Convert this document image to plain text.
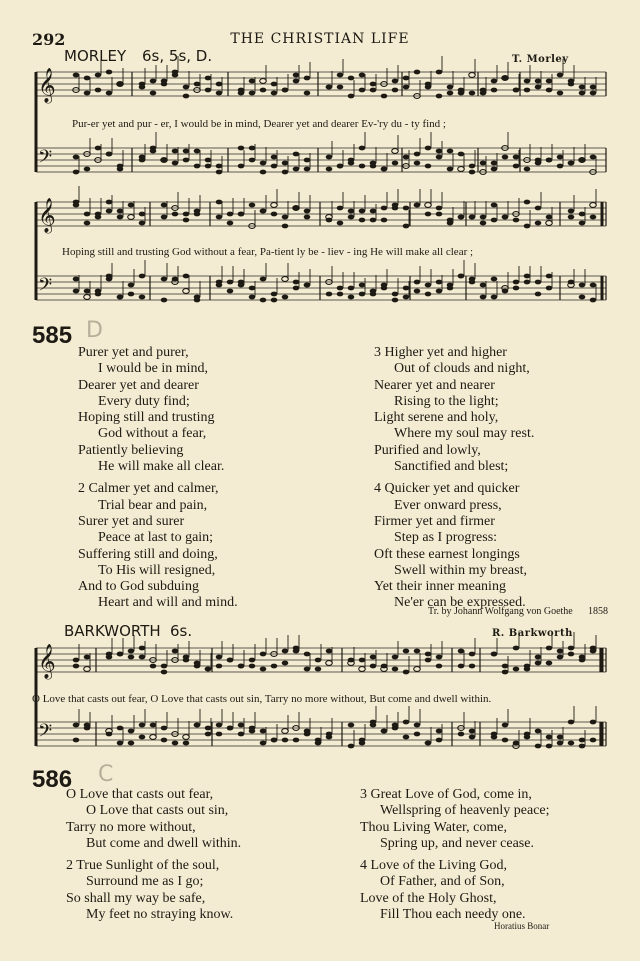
292	THE CHRISTIAN LIFE
MORLEY 6s, 5s, D.	T. Morley
𝄞
𝄢
𝄞
𝄢
𝄞
𝄢
Pur-er yet and pur - er, I would be in mind, Dearer yet and dearer Ev-'ry du - ty find ;
Hoping still and trusting God without a fear, Pa-tient ly be - liev - ing He will make all clear ;
585 D
Purer yet and purer,
I would be in mind,
Dearer yet and dearer
Every duty find;
Hoping still and trusting
God without a fear,
Patiently believing
He will make all clear.
2 Calmer yet and calmer,
Trial bear and pain,
Surer yet and surer
Peace at last to gain;
Suffering still and doing,
To His will resigned,
And to God subduing
Heart and will and mind.
3 Higher yet and higher
Out of clouds and night,
Nearer yet and nearer
Rising to the light;
Light serene and holy,
Where my soul may rest.
Purified and lowly,
Sanctified and blest;
4 Quicker yet and quicker
Ever onward press,
Firmer yet and firmer
Step as I progress:
Oft these earnest longings
Swell within my breast,
Yet their inner meaning
Ne'er can be expressed.
Tr. by Johann Wolfgang von Goethe 1858
BARKWORTH 6s.	R. Barkworth
O Love that casts out fear, O Love that casts out sin, Tarry no more without, But come and dwell within.
586 C
O Love that casts out fear,
O Love that casts out sin,
Tarry no more without,
But come and dwell within.
2 True Sunlight of the soul,
Surround me as I go;
So shall my way be safe,
My feet no straying know.
3 Great Love of God, come in,
Wellspring of heavenly peace;
Thou Living Water, come,
Spring up, and never cease.
4 Love of the Living God,
Of Father, and of Son,
Love of the Holy Ghost,
Fill Thou each needy one.
Horatius Bonar
